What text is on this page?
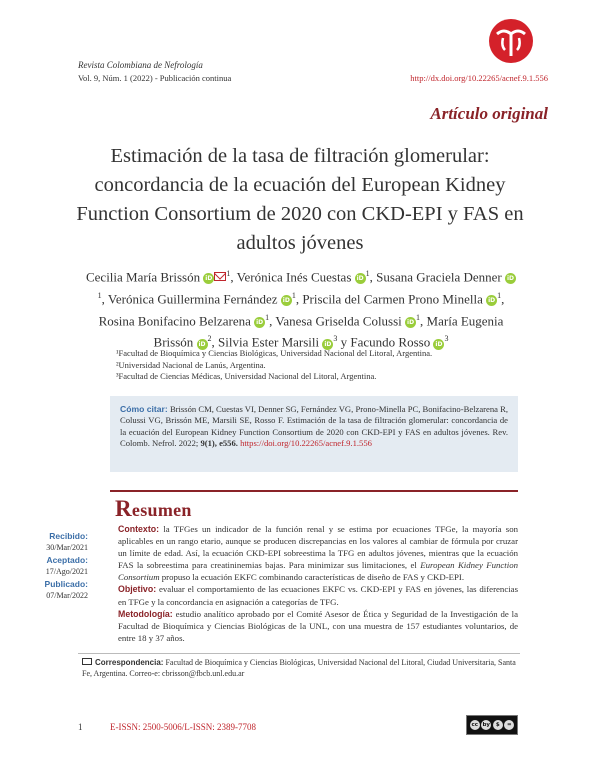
Revista Colombiana de Nefrología
Vol. 9, Núm. 1 (2022) - Publicación continua	http://dx.doi.org/10.22265/acnef.9.1.556
Artículo original
Estimación de la tasa de filtración glomerular: concordancia de la ecuación del European Kidney Function Consortium de 2020 con CKD-EPI y FAS en adultos jóvenes
Cecilia María Brissón $iD^1$, Verónica Inés Cuestas $iD^1$, Susana Graciela Denner $iD^1$, Verónica Guillermina Fernández $iD^1$, Priscila del Carmen Prono Minella $iD^1$, Rosina Bonifacino Belzarena $iD^1$, Vanesa Griselda Colussi $iD^1$, María Eugenia Brissón $iD^2$, Silvia Ester Marsili $iD^3$ y Facundo Rosso $iD^3$
¹Facultad de Bioquímica y Ciencias Biológicas, Universidad Nacional del Litoral, Argentina.
²Universidad Nacional de Lanús, Argentina.
³Facultad de Ciencias Médicas, Universidad Nacional del Litoral, Argentina.
Cómo citar: Brissón CM, Cuestas VI, Denner SG, Fernández VG, Prono-Minella PC, Bonifacino-Belzarena R, Colussi VG, Brissón ME, Marsili SE, Rosso F. Estimación de la tasa de filtración glomerular: concordancia de la ecuación del European Kidney Function Consortium de 2020 con CKD-EPI y FAS en adultos jóvenes. Rev. Colomb. Nefrol. 2022; 9(1), e556. https://doi.org/10.22265/acnef.9.1.556
Resumen
Recibido:
30/Mar/2021
Aceptado:
17/Ago/2021
Publicado:
07/Mar/2022

Contexto: la TFGes un indicador de la función renal y se estima por ecuaciones TFGe, la mayoría son aplicables en un rango etario, aunque se producen discrepancias en los valores al cambiar de fórmula por cruzar un límite de edad. Así, la ecuación CKD-EPI sobreestima la TFG en adultos jóvenes, mientras que la ecuación FAS la sobreestima para creatininemias bajas. Para minimizar sus limitaciones, el European Kidney Function Consortium propuso la ecuación EKFC combinando características de diseño de FAS y CKD-EPI.

Objetivo: evaluar el comportamiento de las ecuaciones EKFC vs. CKD-EPI y FAS en jóvenes, las diferencias en TFGe y la concordancia en asignación a categorías de TFG.

Metodología: estudio analítico aprobado por el Comité Asesor de Ética y Seguridad de la Investigación de la Facultad de Bioquímica y Ciencias Biológicas de la UNL, con una muestra de 157 estudiantes voluntarios, de entre 18 y 37 años.

Correspondencia: Facultad de Bioquímica y Ciencias Biológicas, Universidad Nacional del Litoral, Ciudad Universitaria, Santa Fe, Argentina. Correo-e: cbrisson@fbcb.unl.edu.ar
1	E-ISSN: 2500-5006/L-ISSN: 2389-7708	cc by	$	=
